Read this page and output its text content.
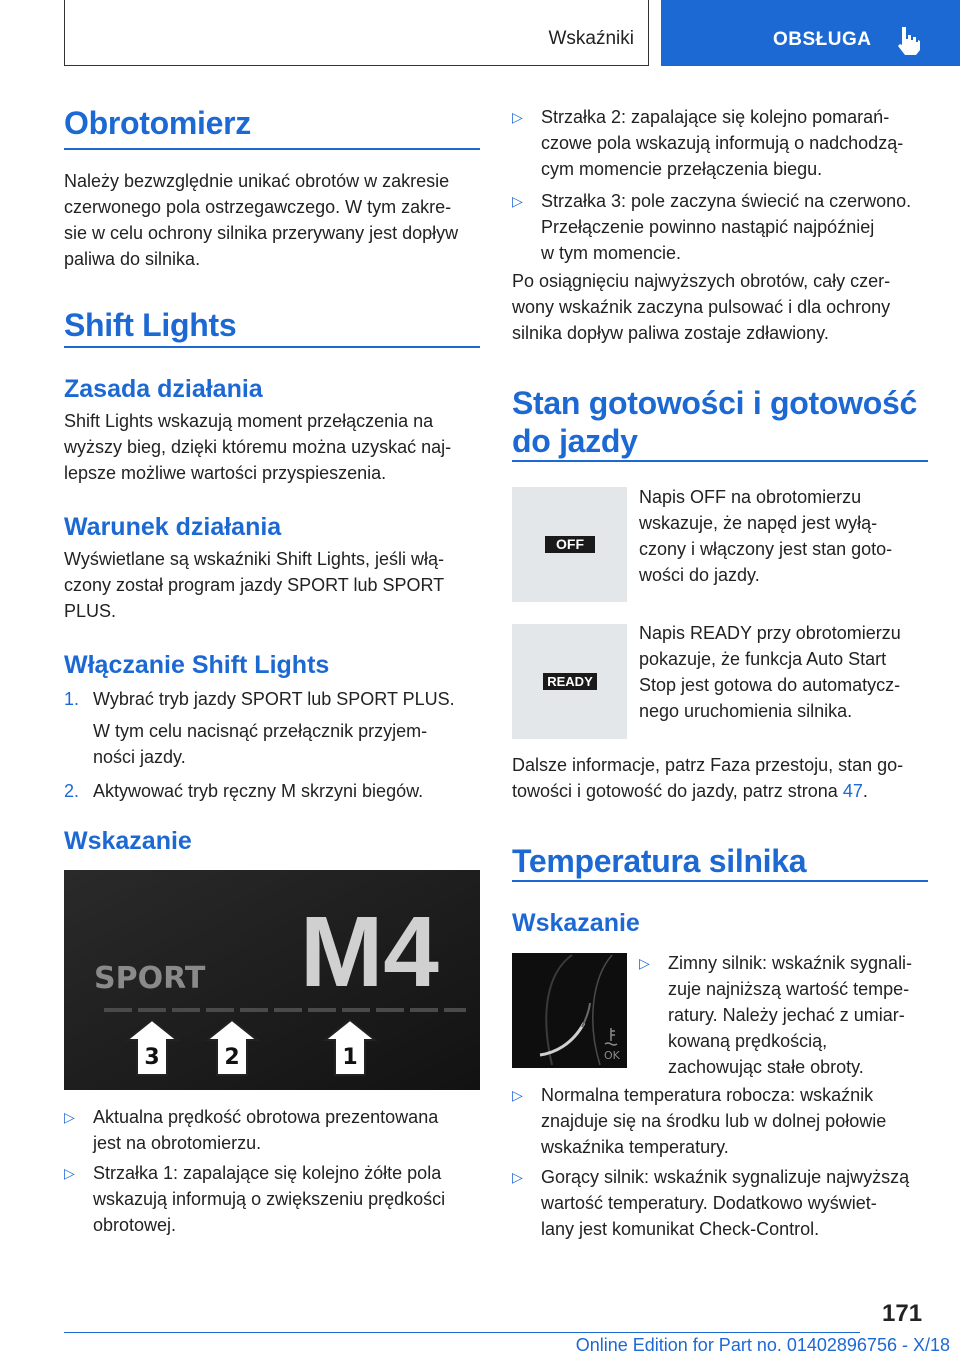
Wskaźniki	OBSŁUGA
Obrotomierz
Należy bezwzględnie unikać obrotów w zakresie
czerwonego pola ostrzegawczego. W tym zakre-
sie w celu ochrony silnika przerywany jest dopływ
paliwa do silnika.
Shift Lights
Zasada działania
Shift Lights wskazują moment przełączenia na
wyższy bieg, dzięki któremu można uzyskać naj-
lepsze możliwe wartości przyspieszenia.
Warunek działania
Wyświetlane są wskaźniki Shift Lights, jeśli włą-
czony został program jazdy SPORT lub SPORT
PLUS.
Włączanie Shift Lights
1. Wybrać tryb jazdy SPORT lub SPORT PLUS.
W tym celu nacisnąć przełącznik przyjem-
ności jazdy.
2. Aktywować tryb ręczny M skrzyni biegów.
Wskazanie
SPORT M4
3	2	1
▷ Aktualna prędkość obrotowa prezentowana
jest na obrotomierzu.
▷ Strzałka 1: zapalające się kolejno żółte pola
wskazują informują o zwiększeniu prędkości
obrotowej.
▷ Strzałka 2: zapalające się kolejno pomarań-
czowe pola wskazują informują o nadchodzą-
cym momencie przełączenia biegu.
▷ Strzałka 3: pole zaczyna świecić na czerwono.
Przełączenie powinno nastąpić najpóźniej
w tym momencie.
Po osiągnięciu najwyższych obrotów, cały czer-
wony wskaźnik zaczyna pulsować i dla ochrony
silnika dopływ paliwa zostaje zdławiony.
Stan gotowości i gotowość
do jazdy
OFF
Napis OFF na obrotomierzu
wskazuje, że napęd jest wyłą-
czony i włączony jest stan goto-
wości do jazdy.
READY
Napis READY przy obrotomierzu
pokazuje, że funkcja Auto Start
Stop jest gotowa do automatycz-
nego uruchomienia silnika.
Dalsze informacje, patrz Faza przestoju, stan go-
towości i gotowość do jazdy, patrz strona 47.
Temperatura silnika
Wskazanie
OK
▷ Zimny silnik: wskaźnik sygnali-
zuje najniższą wartość tempe-
ratury. Należy jechać z umiar-
kowaną prędkością,
zachowując stałe obroty.
▷ Normalna temperatura robocza: wskaźnik
znajduje się na środku lub w dolnej połowie
wskaźnika temperatury.
▷ Gorący silnik: wskaźnik sygnalizuje najwyższą
wartość temperatury. Dodatkowo wyświet-
lany jest komunikat Check-Control.
171
Online Edition for Part no. 01402896756 - X/18
